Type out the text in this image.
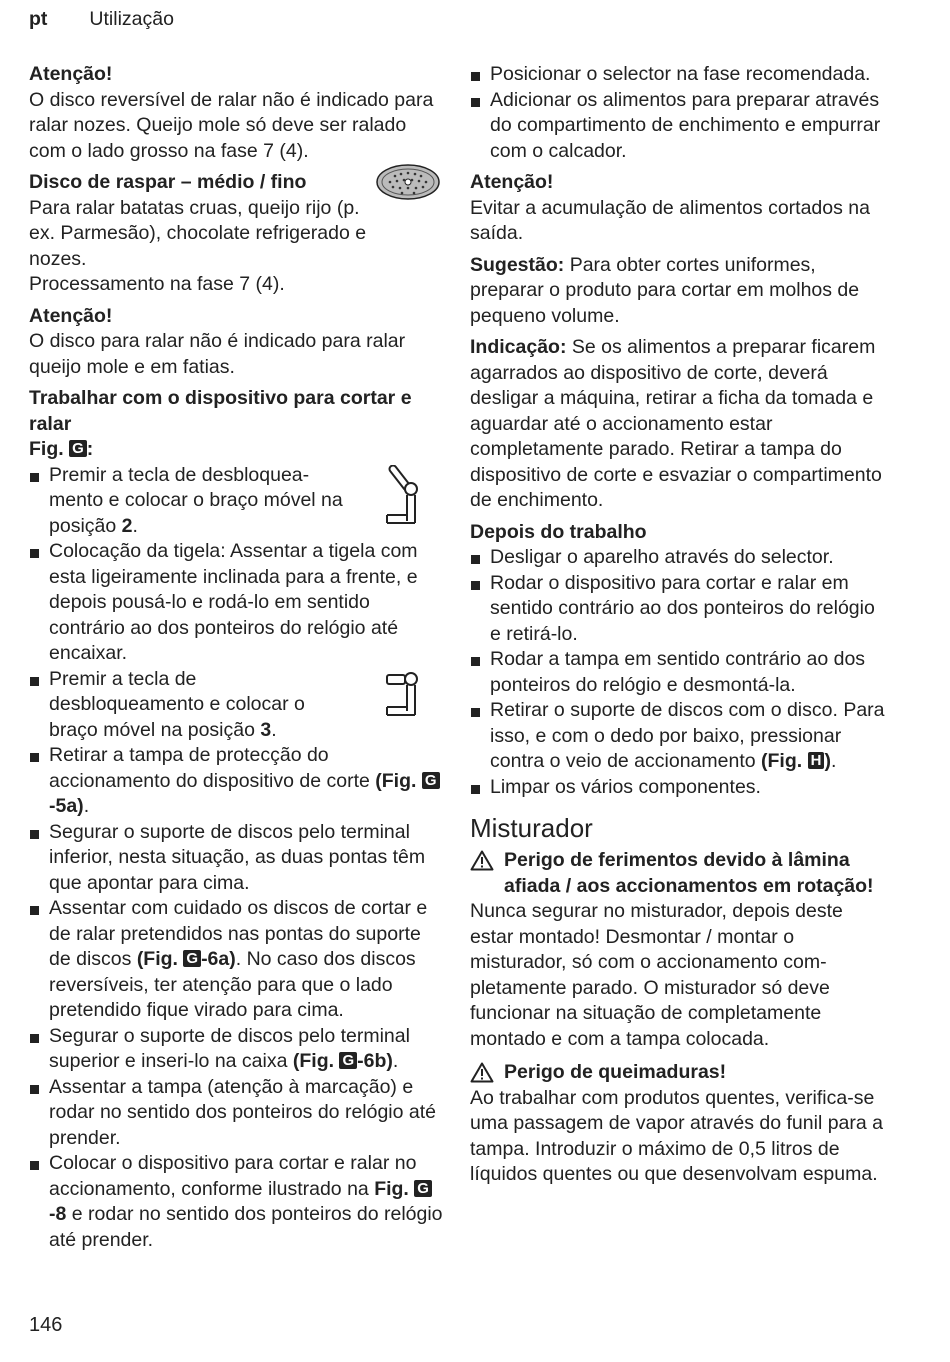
pt Utilização

Atenção!

O disco reversível de ralar não é indicado para ralar nozes. Queijo mole só deve ser ralado com o lado grosso na fase 7 (4).

Disco de raspar – médio / fino

Para ralar batatas cruas, queijo rijo (p. ex. Parmesão), chocolate refrigerado e nozes.

Processamento na fase 7 (4).

Atenção!

O disco para ralar não é indicado para ralar queijo mole e em fatias.

Trabalhar com o dispositivo para cortar e ralar

Fig. G :

Premir a tecla de desbloquea- mento e colocar o braço móvel na posição 2.

Colocação da tigela: Assentar a tigela com esta ligeiramente inclinada para a frente, e depois pousá-lo e rodá-lo em sentido contrário ao dos ponteiros do relógio até encaixar.

Premir a tecla de desbloqueamento e colocar o braço móvel na posição 3.

Retirar a tampa de protecção do accionamento do dispositivo de corte (Fig. G-5a).

Segurar o suporte de discos pelo terminal inferior, nesta situação, as duas pontas têm que apontar para cima.

Assentar com cuidado os discos de cortar e de ralar pretendidos nas pontas do suporte de discos (Fig. G -6a). No caso dos discos reversíveis, ter atenção para que o lado pretendido fique virado para cima.

Segurar o suporte de discos pelo terminal superior e inseri-lo na caixa (Fig. G -6b).

Assentar a tampa (atenção à marcação) e rodar no sentido dos ponteiros do relógio até prender.

Colocar o dispositivo para cortar e ralar no accionamento, conforme ilustrado na Fig. G-8 e rodar no sentido dos ponteiros do relógio até prender.

Posicionar o selector na fase recomendada.

Adicionar os alimentos para preparar através do compartimento de enchimento e empurrar com o calcador.

Atenção!

Evitar a acumulação de alimentos cortados na saída.

Sugestão: Para obter cortes uniformes, preparar o produto para cortar em molhos de pequeno volume.

Indicação: Se os alimentos a preparar ficarem agarrados ao dispositivo de corte, deverá desligar a máquina, retirar a ficha da tomada e aguardar até o accionamento estar completamente parado. Retirar a tampa do dispositivo de corte e esvaziar o compartimento de enchimento.

Depois do trabalho

Desligar o aparelho através do selector.

Rodar o dispositivo para cortar e ralar em sentido contrário ao dos ponteiros do relógio e retirá-lo.

Rodar a tampa em sentido contrário ao dos ponteiros do relógio e desmontá-la.

Retirar o suporte de discos com o disco. Para isso, e com o dedo por baixo, pressionar contra o veio de accionamento (Fig. H ).

Limpar os vários componentes.

Misturador

Perigo de ferimentos devido à lâmina afiada / aos accionamentos em rotação!

Nunca segurar no misturador, depois deste estar montado! Desmontar / montar o misturador, só com o accionamento com- pletamente parado. O misturador só deve funcionar na situação de completamente montado e com a tampa colocada.

Perigo de queimaduras!

Ao trabalhar com produtos quentes, verifica-se uma passagem de vapor através do funil para a tampa. Introduzir o máximo de 0,5 litros de líquidos quentes ou que desenvolvam espuma.

146
